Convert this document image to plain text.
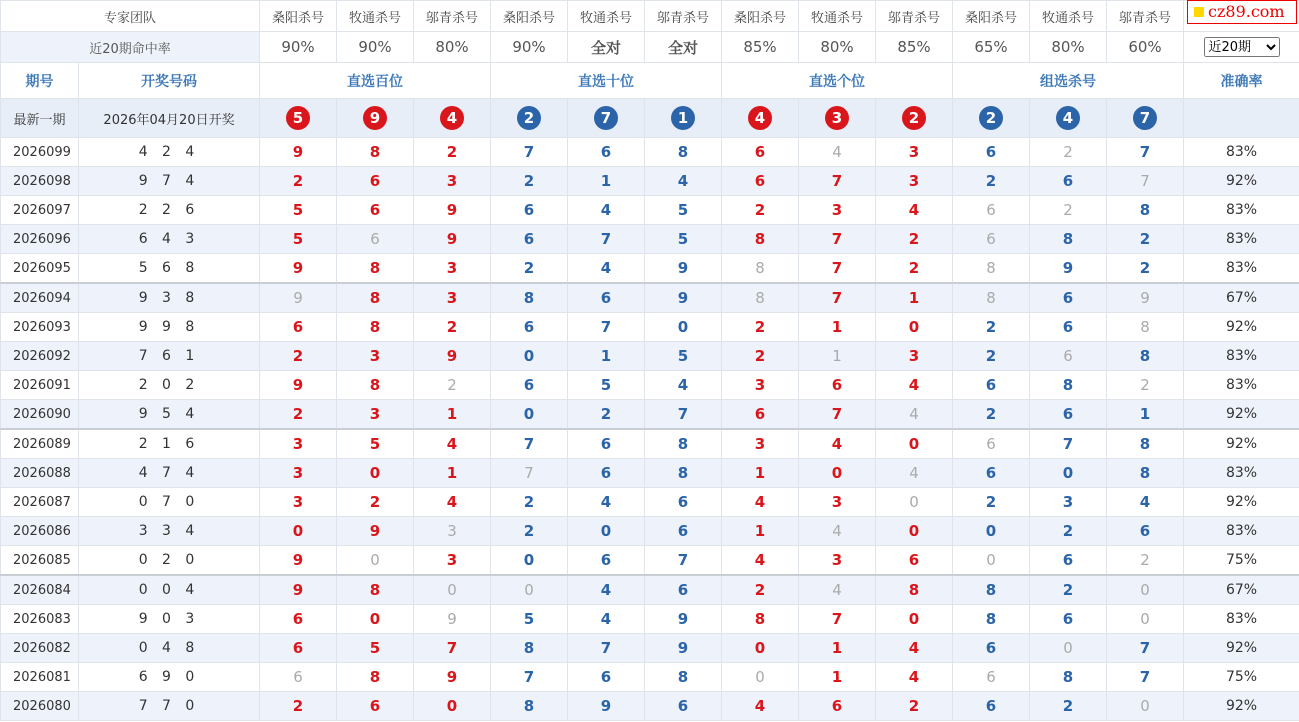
cz89.com
专家团队		桑阳杀号	牧通杀号	邬青杀号	桑阳杀号	牧通杀号	邬青杀号	桑阳杀号	牧通杀号	邬青杀号	桑阳杀号	牧通杀号	邬青杀号	
近20期命中率		90%	90%	80%	90%	全对	全对	85%	80%	85%	65%	80%	60%	
近20期
期号	开奖号码	直选百位			直选十位			直选个位			组选杀号			准确率
最新一期	2026年04月20日开奖	5	9	4	2	7	1	4	3	2	2	4	7	
2026099	4 2 4	9	8	2	7	6	8	6	4	3	6	2	7	83%
2026098	9 7 4	2	6	3	2	1	4	6	7	3	2	6	7	92%
2026097	2 2 6	5	6	9	6	4	5	2	3	4	6	2	8	83%
2026096	6 4 3	5	6	9	6	7	5	8	7	2	6	8	2	83%
2026095	5 6 8	9	8	3	2	4	9	8	7	2	8	9	2	83%
2026094	9 3 8	9	8	3	8	6	9	8	7	1	8	6	9	67%
2026093	9 9 8	6	8	2	6	7	0	2	1	0	2	6	8	92%
2026092	7 6 1	2	3	9	0	1	5	2	1	3	2	6	8	83%
2026091	2 0 2	9	8	2	6	5	4	3	6	4	6	8	2	83%
2026090	9 5 4	2	3	1	0	2	7	6	7	4	2	6	1	92%
2026089	2 1 6	3	5	4	7	6	8	3	4	0	6	7	8	92%
2026088	4 7 4	3	0	1	7	6	8	1	0	4	6	0	8	83%
2026087	0 7 0	3	2	4	2	4	6	4	3	0	2	3	4	92%
2026086	3 3 4	0	9	3	2	0	6	1	4	0	0	2	6	83%
2026085	0 2 0	9	0	3	0	6	7	4	3	6	0	6	2	75%
2026084	0 0 4	9	8	0	0	4	6	2	4	8	8	2	0	67%
2026083	9 0 3	6	0	9	5	4	9	8	7	0	8	6	0	83%
2026082	0 4 8	6	5	7	8	7	9	0	1	4	6	0	7	92%
2026081	6 9 0	6	8	9	7	6	8	0	1	4	6	8	7	75%
2026080	7 7 0	2	6	0	8	9	6	4	6	2	6	2	0	92%
